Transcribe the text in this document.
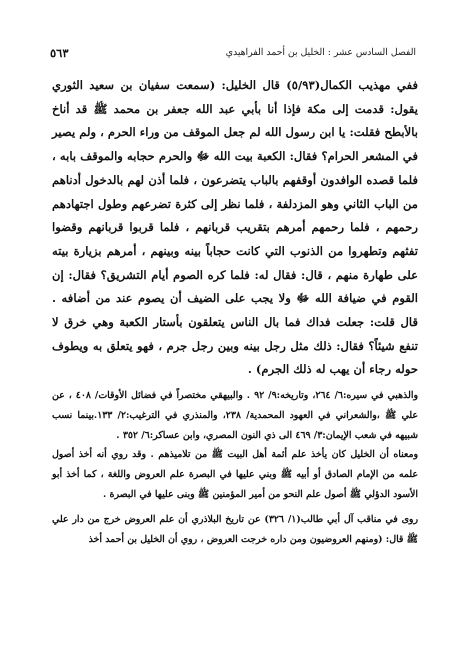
٥٦٣	الفصل السادس عشر : الخليل بن أحمد الفراهيدي

ففي مهذيب الكمال(٥/٩٣) قال الخليل: (سمعت سفيان بن سعيد الثوري يقول: قدمت إلى مكة فإذا أنا بأبي عبد الله جعفر بن محمد ﷺ قد أناخ بالأبطح فقلت: يا ابن رسول الله لم جعل الموقف من وراء الحرم ، ولم يصير في المشعر الحرام؟ فقال: الكعبة بيت الله ﷻ والحرم حجابه والموقف بابه ، فلما قصده الوافدون أوقفهم بالباب يتضرعون ، فلما أذن لهم بالدخول أدناهم من الباب الثاني وهو المزدلفة ، فلما نظر إلى كثرة تضرعهم وطول اجتهادهم رحمهم ، فلما رحمهم أمرهم بتقريب قربانهم ، فلما قربوا قربانهم وقضوا تفثهم وتطهروا من الذنوب التي كانت حجاباً بينه وبينهم ، أمرهم بزيارة بيته على طهارة منهم ، قال: فقال له: فلما كره الصوم أيام التشريق؟ فقال: إن القوم في ضيافة الله ﷻ ولا يجب على الضيف أن يصوم عند من أضافه . قال قلت: جعلت فداك فما بال الناس يتعلقون بأستار الكعبة وهي خرق لا تنفع شيئاً؟ فقال: ذلك مثل رجل بينه وبين رجل جرم ، فهو يتعلق به ويطوف حوله رجاء أن يهب له ذلك الجرم) .

والذهبي في سيره:٦/ ٢٦٤، وتاريخه:٩/ ٩٢ . والبيهقي مختصراً في فضائل الأوقات/ ٤٠٨ ، عن علي ﷺ ،والشعراني في العهود المحمدية/ ٢٣٨، والمنذري في الترغيب:٢/ ١٣٣.بينما نسب شبيهه في شعب الإيمان:٣/ ٤٦٩ الى ذي النون المصري، وابن عساكر:٦/ ٣٥٢ .

ومعناه أن الخليل كان يأخذ علم أئمة أهل البيت ﷺ من تلاميذهم . وقد روي أنه أخذ أصول علمه من الإمام الصادق أو أبيه ﷺ وبني عليها في البصرة علم العروض واللغة ، كما أخذ أبو الأسود الدؤلي ﷺ أصول علم النحو من أمير المؤمنين ﷺ وبنى عليها في البصرة .

روى في مناقب آل أبي طالب(١/ ٣٢٦) عن تاريخ البلاذري أن علم العروض خرج من دار علي ﷺ قال: (ومنهم العروضيون ومن داره خرجت العروض ، روي أن الخليل بن أحمد أخذ
